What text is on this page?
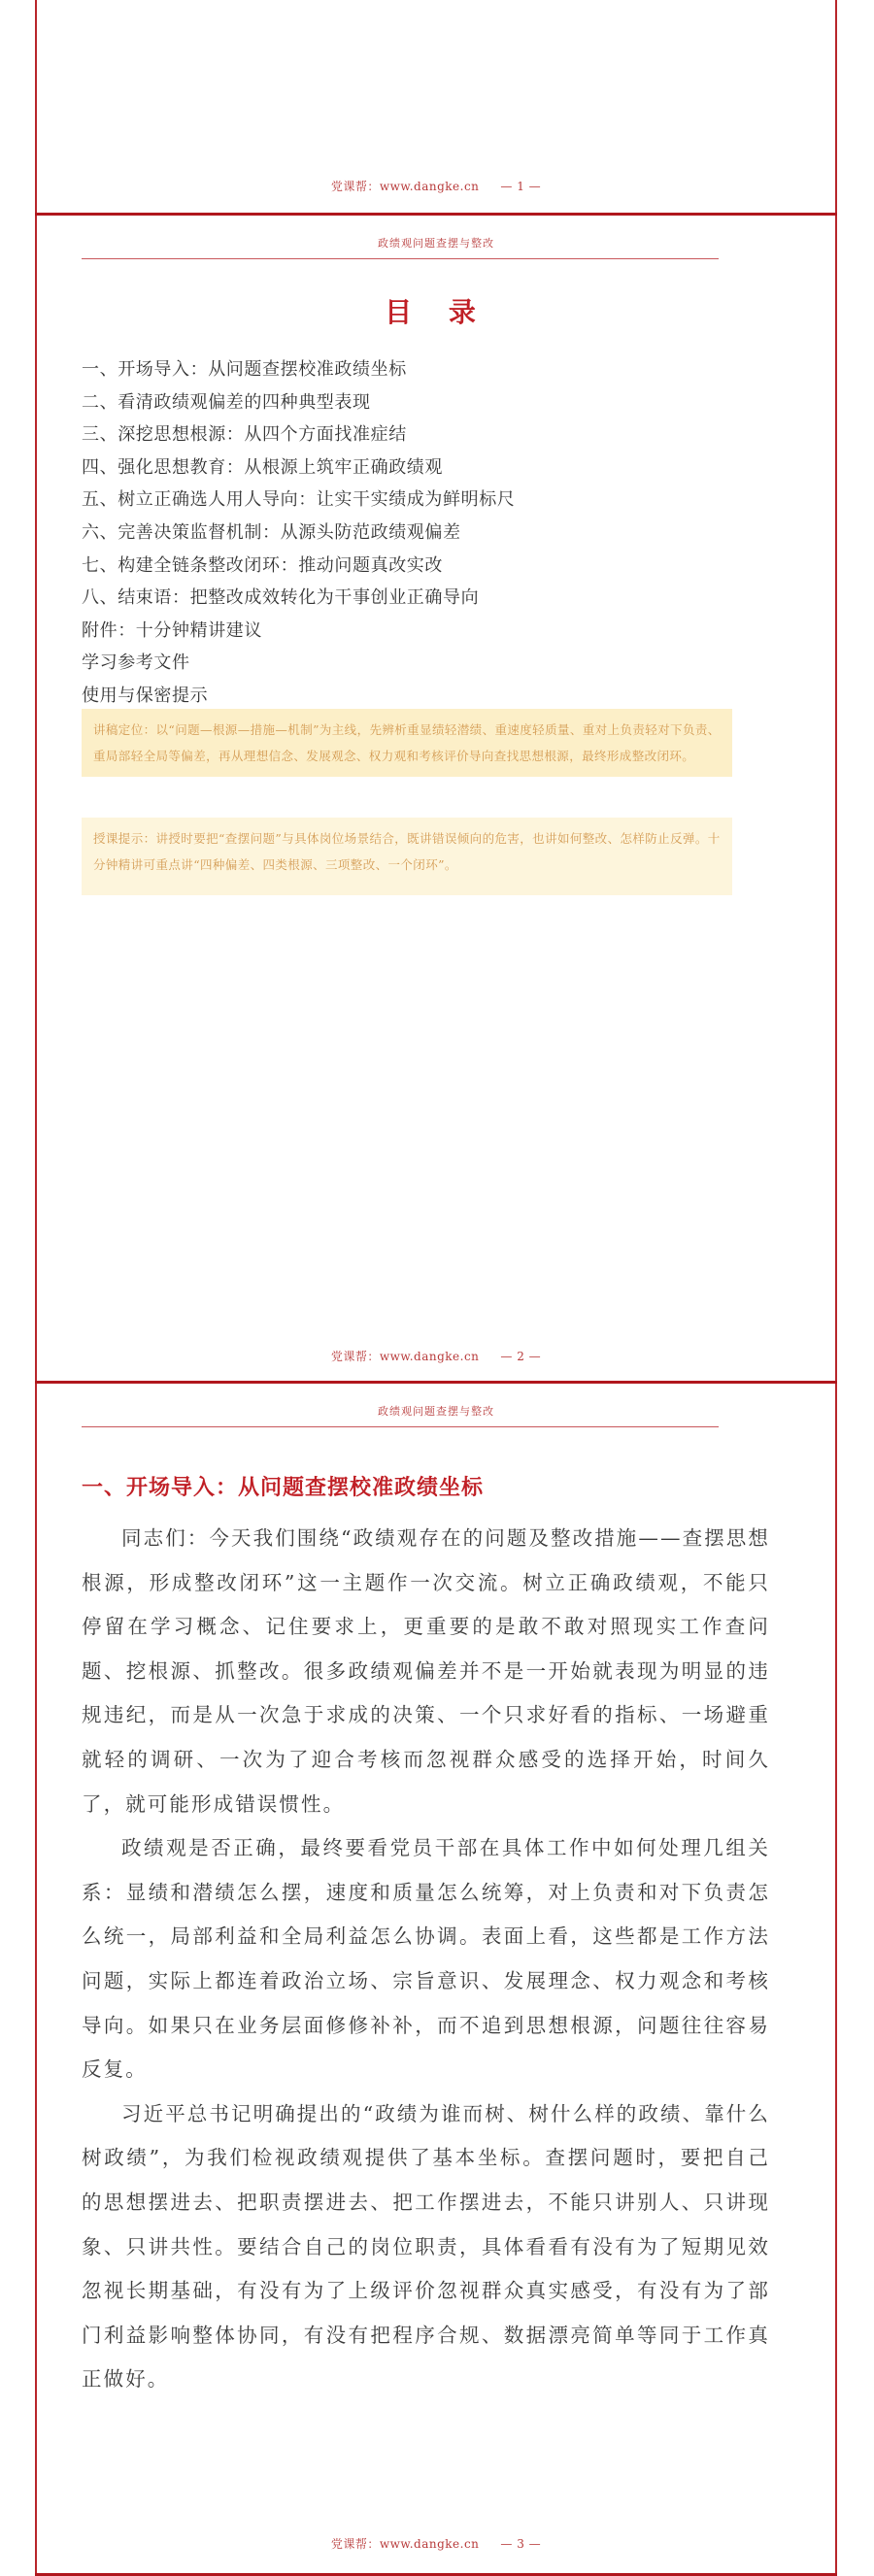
党课帮：www.dangke.cn — 1 —
政绩观问题查摆与整改
党课帮：www.dangke.cn — 2 —
目 录
一、开场导入：从问题查摆校准政绩坐标
二、看清政绩观偏差的四种典型表现
三、深挖思想根源：从四个方面找准症结
四、强化思想教育：从根源上筑牢正确政绩观
五、树立正确选人用人导向：让实干实绩成为鲜明标尺
六、完善决策监督机制：从源头防范政绩观偏差
七、构建全链条整改闭环：推动问题真改实改
八、结束语：把整改成效转化为干事创业正确导向
附件：十分钟精讲建议
学习参考文件
使用与保密提示
讲稿定位：以“问题—根源—措施—机制”为主线，先辨析重显绩轻潜绩、重速度轻质量、重对上负责轻对下负责、重局部轻全局等偏差，再从理想信念、发展观念、权力观和考核评价导向查找思想根源，最终形成整改闭环。
授课提示：讲授时要把“查摆问题”与具体岗位场景结合，既讲错误倾向的危害，也讲如何整改、怎样防止反弹。十分钟精讲可重点讲“四种偏差、四类根源、三项整改、一个闭环”。
政绩观问题查摆与整改
党课帮：www.dangke.cn — 3 —
一、开场导入：从问题查摆校准政绩坐标

同志们：今天我们围绕“政绩观存在的问题及整改措施——查摆思想根源，形成整改闭环”这一主题作一次交流。树立正确政绩观，不能只停留在学习概念、记住要求上，更重要的是敢不敢对照现实工作查问题、挖根源、抓整改。很多政绩观偏差并不是一开始就表现为明显的违规违纪，而是从一次急于求成的决策、一个只求好看的指标、一场避重就轻的调研、一次为了迎合考核而忽视群众感受的选择开始，时间久了，就可能形成错误惯性。

政绩观是否正确，最终要看党员干部在具体工作中如何处理几组关系：显绩和潜绩怎么摆，速度和质量怎么统筹，对上负责和对下负责怎么统一，局部利益和全局利益怎么协调。表面上看，这些都是工作方法问题，实际上都连着政治立场、宗旨意识、发展理念、权力观念和考核导向。如果只在业务层面修修补补，而不追到思想根源，问题往往容易反复。

习近平总书记明确提出的“政绩为谁而树、树什么样的政绩、靠什么树政绩”，为我们检视政绩观提供了基本坐标。查摆问题时，要把自己的思想摆进去、把职责摆进去、把工作摆进去，不能只讲别人、只讲现象、只讲共性。要结合自己的岗位职责，具体看看有没有为了短期见效忽视长期基础，有没有为了上级评价忽视群众真实感受，有没有为了部门利益影响整体协同，有没有把程序合规、数据漂亮简单等同于工作真正做好。
